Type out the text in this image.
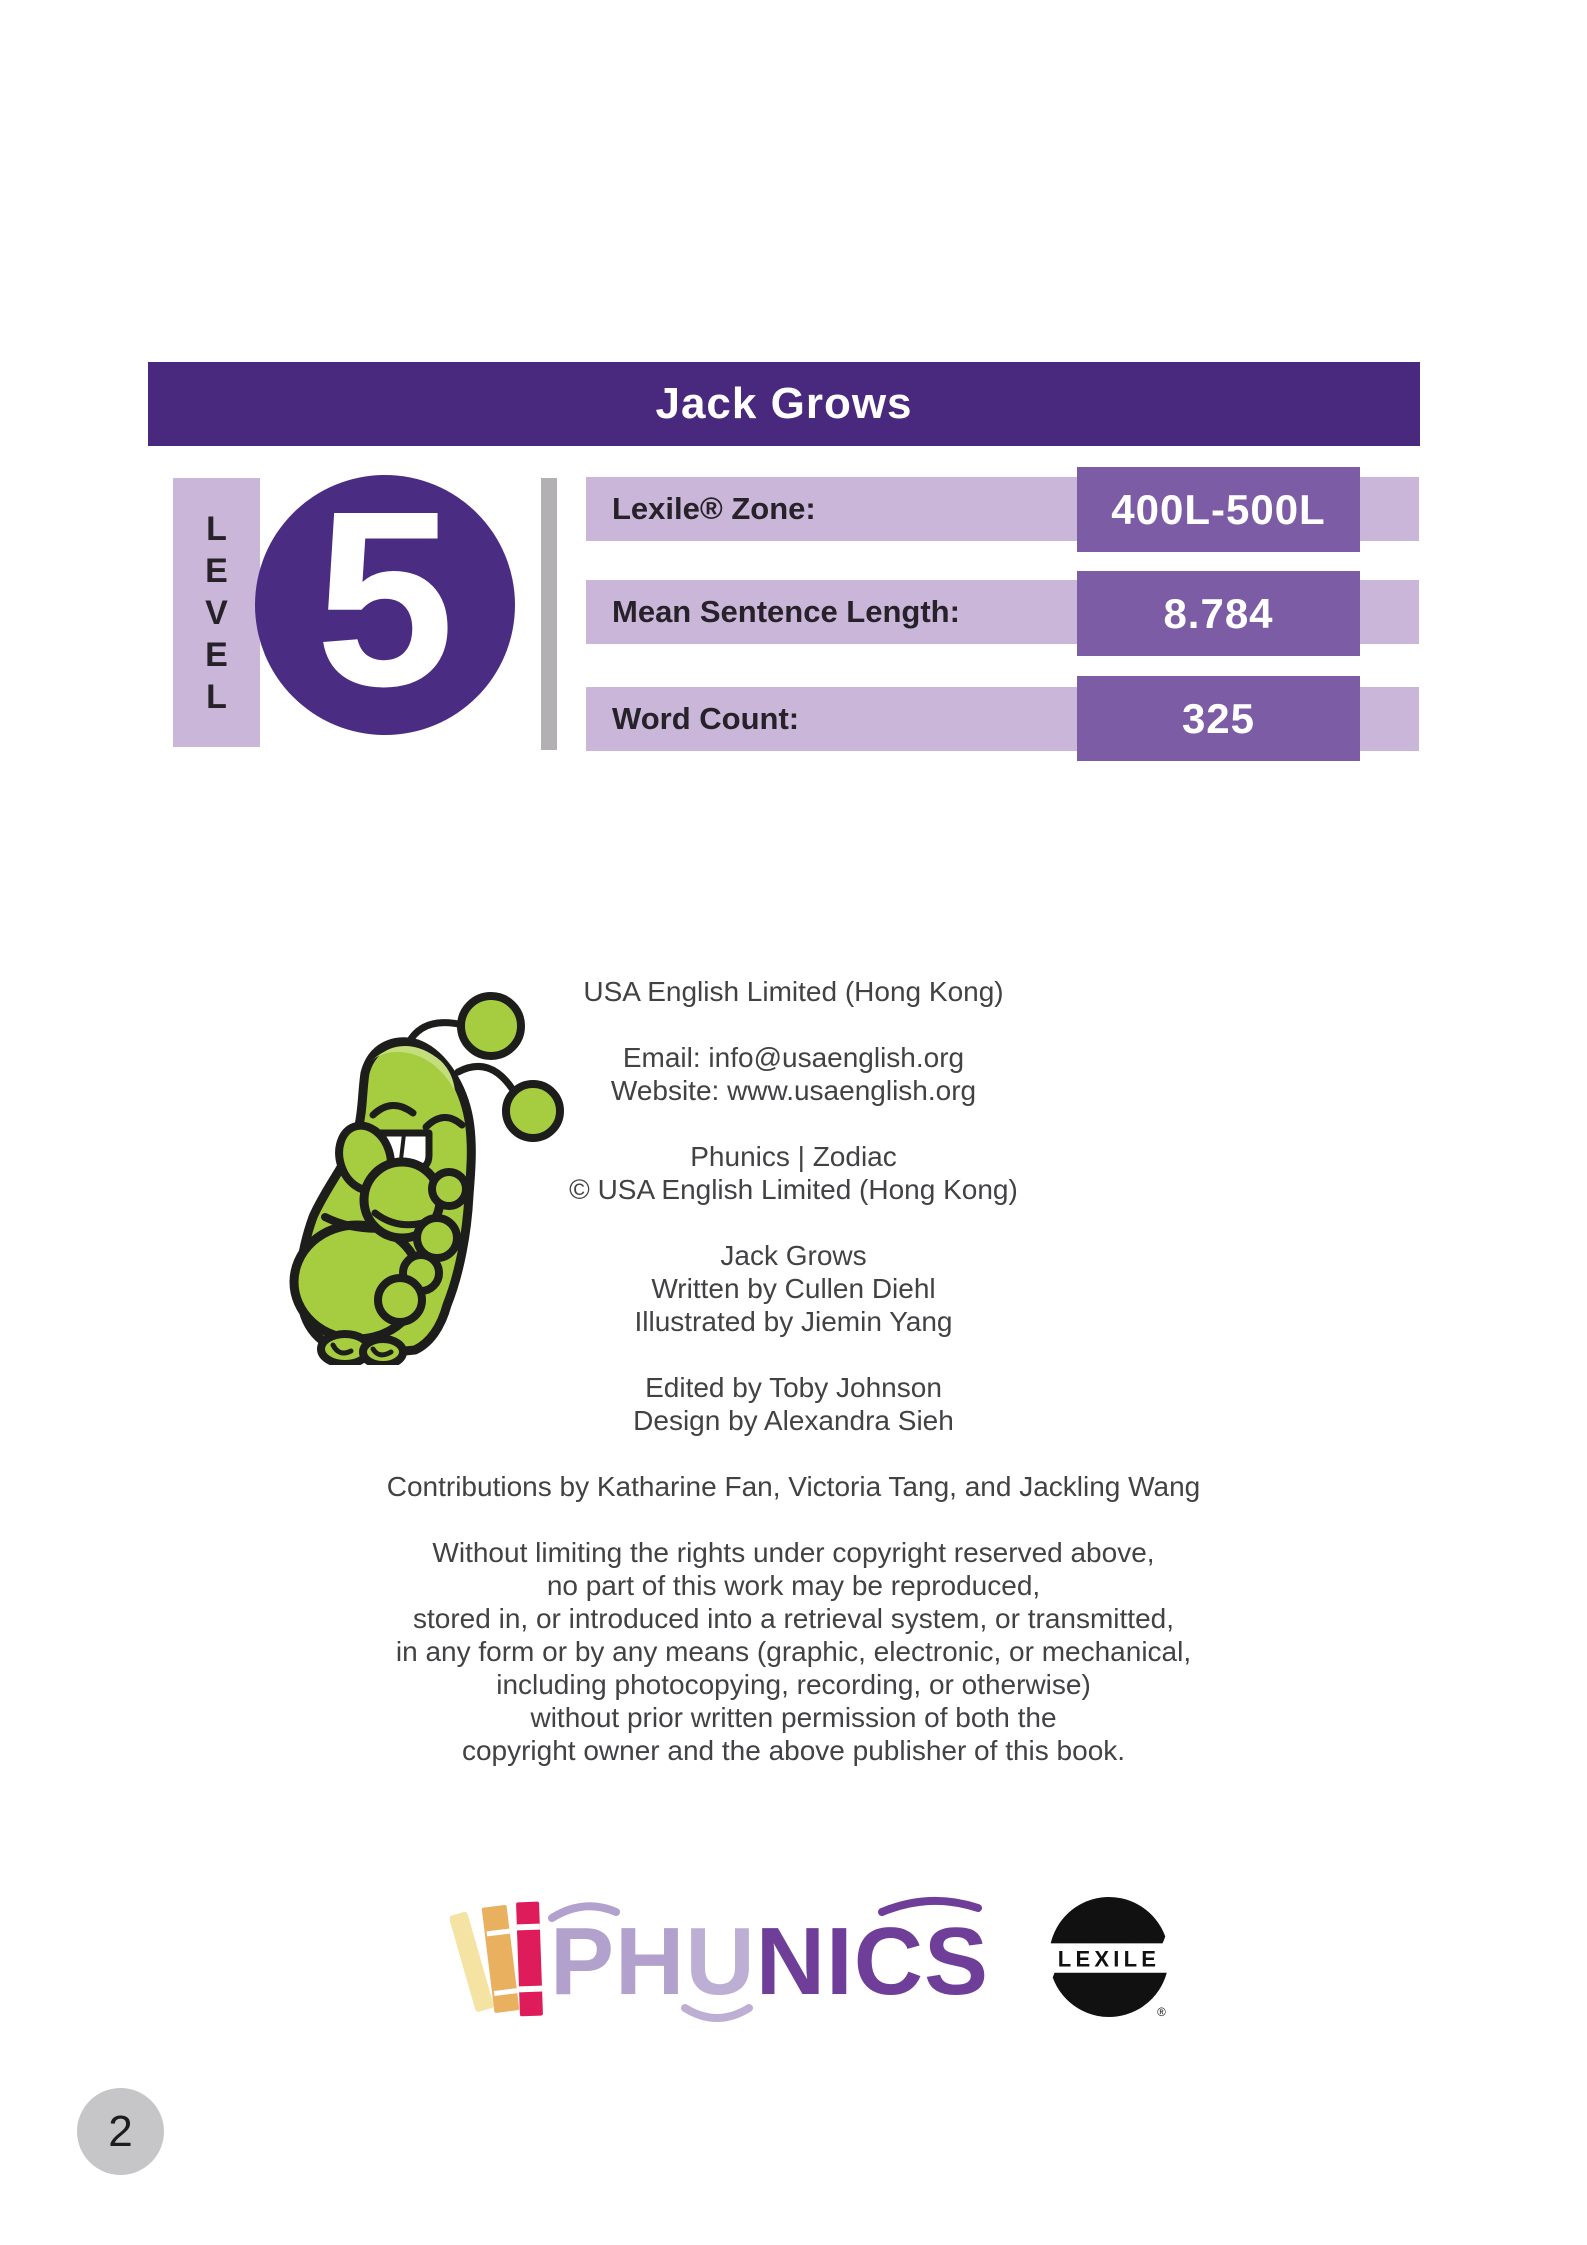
Jack Grows
L
E
V
E
L 5	Lexile® Zone:	400L-500L
Mean Sentence Length:	8.784
Word Count:	325
USA English Limited (Hong Kong)
Email: info@usaenglish.org
Website: www.usaenglish.org
Phunics | Zodiac
© USA English Limited (Hong Kong)
Jack Grows
Written by Cullen Diehl
Illustrated by Jiemin Yang
Edited by Toby Johnson
Design by Alexandra Sieh
Contributions by Katharine Fan, Victoria Tang, and Jackling Wang
Without limiting the rights under copyright reserved above,
no part of this work may be reproduced,
stored in, or introduced into a retrieval system, or transmitted,
in any form or by any means (graphic, electronic, or mechanical,
including photocopying, recording, or otherwise)
without prior written permission of both the
copyright owner and the above publisher of this book.
PHUNICS	LEXILE
®
2
